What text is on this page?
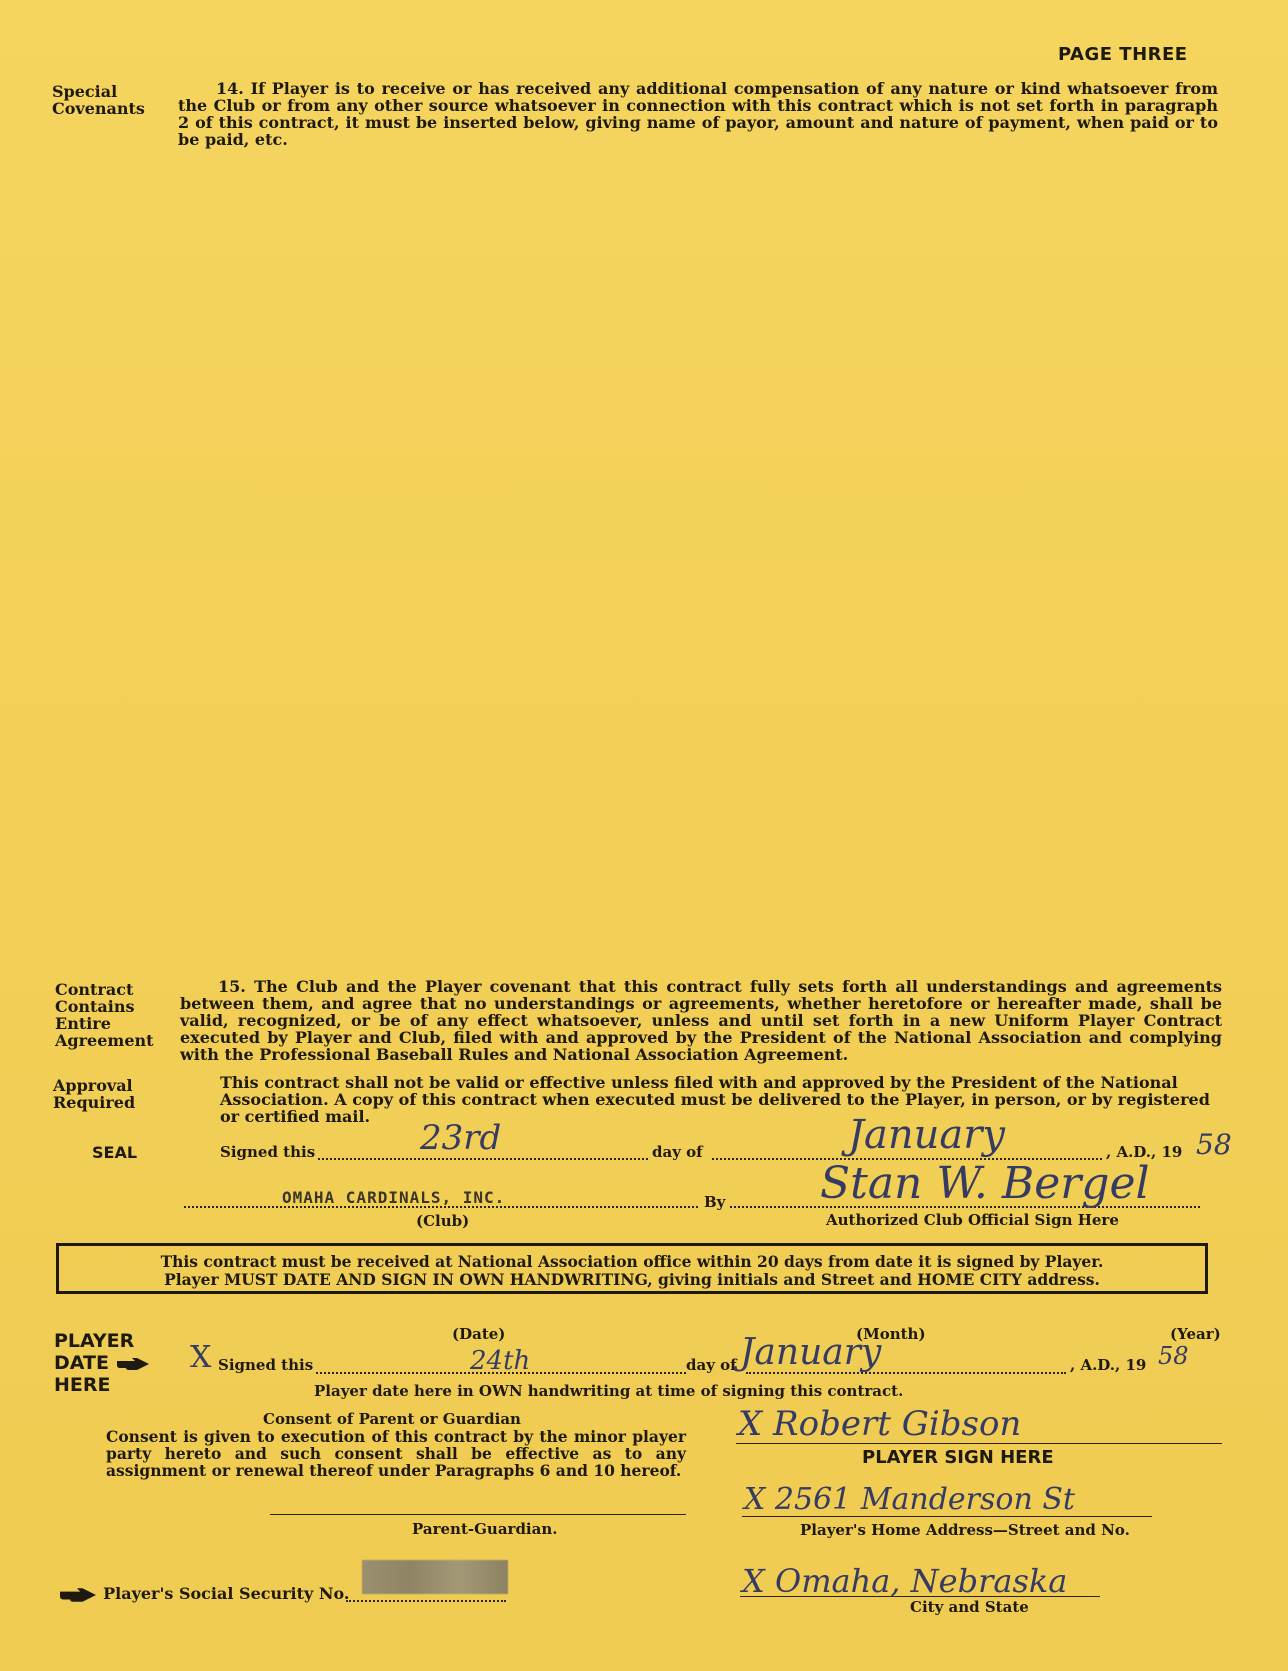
PAGE THREE
Special
Covenants
14. If Player is to receive or has received any additional compensation of any nature or kind whatsoever from the Club or from any other source whatsoever in connection with this contract which is not set forth in paragraph 2 of this contract, it must be inserted below, giving name of payor, amount and nature of payment, when paid or to be paid, etc.
Contract
Contains
Entire
Agreement
15. The Club and the Player covenant that this contract fully sets forth all understandings and agreements between them, and agree that no understandings or agreements, whether heretofore or hereafter made, shall be valid, recognized, or be of any effect whatsoever, unless and until set forth in a new Uniform Player Contract executed by Player and Club, filed with and approved by the President of the National Association and complying with the Professional Baseball Rules and National Association Agreement.
Approval
Required
This contract shall not be valid or effective unless filed with and approved by the President of the National Association. A copy of this contract when executed must be delivered to the Player, in person, or by registered or certified mail.
SEAL	Signed this	23rd	day of	January	, A.D., 19 58
OMAHA CARDINALS, INC.
(Club)
By Stan W. Bergel
Authorized Club Official Sign Here
This contract must be received at National Association office within 20 days from date it is signed by Player.
Player MUST DATE AND SIGN IN OWN HANDWRITING, giving initials and Street and HOME CITY address.
PLAYER
DATE
HERE
(Date)	(Month)	(Year)
X Signed this	24th	day of January	, A.D., 19 58
Player date here in OWN handwriting at time of signing this contract.
Consent of Parent or Guardian
Consent is given to execution of this contract by the minor player party hereto and such consent shall be effective as to any assignment or renewal thereof under Paragraphs 6 and 10 hereof.
Parent-Guardian.
X Robert Gibson
PLAYER SIGN HERE
X 2561 Manderson St
Player's Home Address—Street and No.
X Omaha, Nebraska
City and State
Player's Social Security No.
